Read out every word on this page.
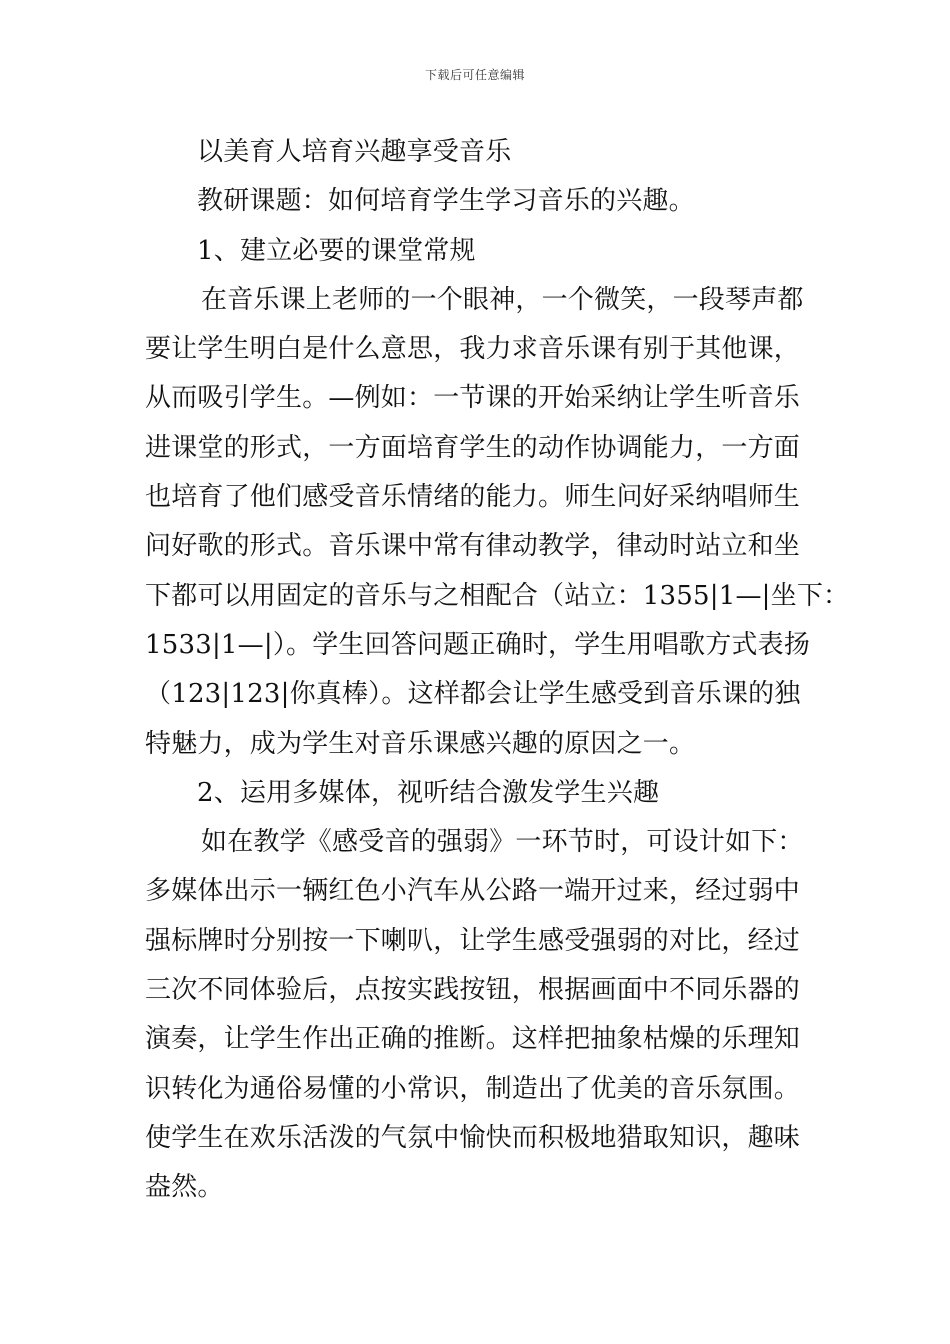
下载后可任意编辑
以美育人培育兴趣享受音乐
教研课题：如何培育学生学习音乐的兴趣。
1、建立必要的课堂常规
在音乐课上老师的一个眼神，一个微笑，一段琴声都
要让学生明白是什么意思，我力求音乐课有别于其他课，
从而吸引学生。—例如：一节课的开始采纳让学生听音乐
进课堂的形式，一方面培育学生的动作协调能力，一方面
也培育了他们感受音乐情绪的能力。师生问好采纳唱师生
问好歌的形式。音乐课中常有律动教学，律动时站立和坐
下都可以用固定的音乐与之相配合（站立：1355|1—|坐下：
1533|1—|）。学生回答问题正确时，学生用唱歌方式表扬
（123|123|你真棒）。这样都会让学生感受到音乐课的独
特魅力，成为学生对音乐课感兴趣的原因之一。
2、运用多媒体，视听结合激发学生兴趣
如在教学《感受音的强弱》一环节时，可设计如下：
多媒体出示一辆红色小汽车从公路一端开过来，经过弱中
强标牌时分别按一下喇叭，让学生感受强弱的对比，经过
三次不同体验后，点按实践按钮，根据画面中不同乐器的
演奏，让学生作出正确的推断。这样把抽象枯燥的乐理知
识转化为通俗易懂的小常识，制造出了优美的音乐氛围。
使学生在欢乐活泼的气氛中愉快而积极地猎取知识，趣味
盎然。
